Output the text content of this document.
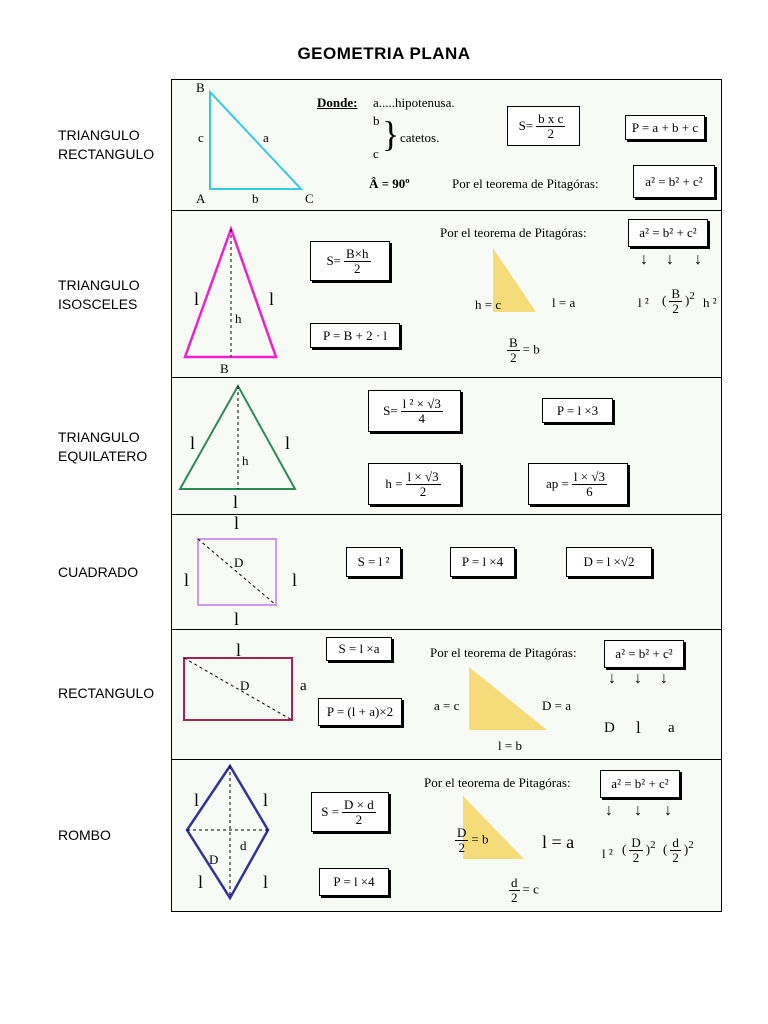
GEOMETRIA PLANA
TRIANGULO
RECTANGULO
B
A	C
c	a
b
Donde: a.....hipotenusa.
b
c } catetos.
Â = 90º
$S= \frac{\text{b x c}}{2}$	P = a + b + c
Por el teorema de Pitagóras:	a² = b² + c²
TRIANGULO
ISOSCELES	l	l
h
B
$S= \frac{B\times h}{2}$
P = B + 2 · l
Por el teorema de Pitagóras:	a² = b² + c²
↓ ↓ ↓
l ² ( $\frac{B}{2} )^2$ h ²
h = c	l = a
$\frac{B}{2} = b$
TRIANGULO
EQUILATERO
l	l
l
h
$S= \frac{\text{l ² × √3}}{4}$	P = l ×3
$h = \frac{l \times √3}{2}$	ap = $\frac{l \times √3}{6}$
CUADRADO
l
l	l
l
D	S = l ²	P = l ×4	D = l ×√2
RECTANGULO
l
a
D
S = l ×a
P = (l + a)×2
Por el teorema de Pitagóras:	a² = b² + c²
↓ ↓ ↓
D l a
a = c	D = a
l = b
ROMBO
l	l
l	l
D
d
$S = \frac{D \times d}{2}$
P = l ×4
Por el teorema de Pitagóras:	a² = b² + c²
↓ ↓ ↓
l ² ( $\frac{D}{2} )^2$ ( $\frac{d}{2} )^2$
$\frac{D}{2} = b$	l = a
$\frac{d}{2} = c$
